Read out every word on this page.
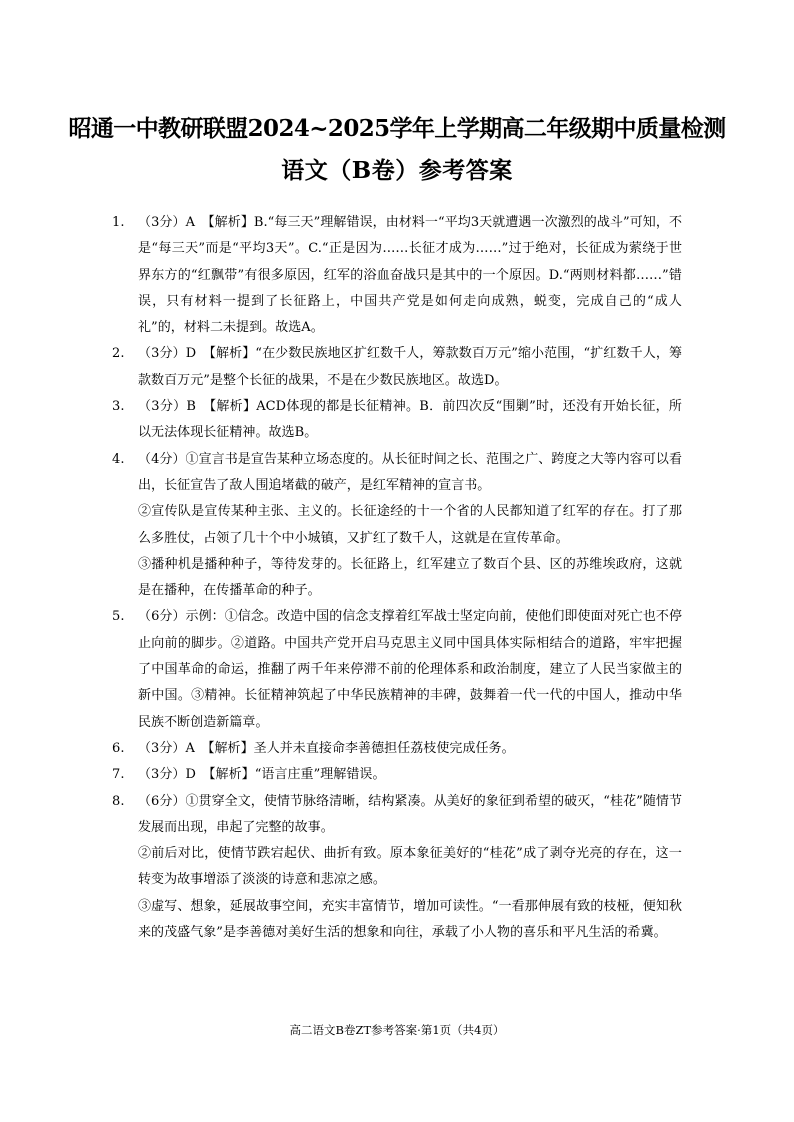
昭通一中教研联盟2024~2025学年上学期高二年级期中质量检测
语文（B卷）参考答案
1.	（3分）A　【解析】B.“每三天”理解错误，由材料一“平均3天就遭遇一次激烈的战斗”可知，不是“每三天”而是“平均3天”。C.“正是因为……长征才成为……”过于绝对，长征成为萦绕于世界东方的“红飘带”有很多原因，红军的浴血奋战只是其中的一个原因。D.“两则材料都……”错误，只有材料一提到了长征路上，中国共产党是如何走向成熟，蜕变，完成自己的“成人礼”的，材料二未提到。故选A。
2.	（3分）D　【解析】“在少数民族地区扩红数千人，筹款数百万元”缩小范围，“扩红数千人，筹款数百万元”是整个长征的战果，不是在少数民族地区。故选D。
3.	（3分）B　【解析】ACD体现的都是长征精神。B．前四次反“围剿”时，还没有开始长征，所以无法体现长征精神。故选B。
4.	（4分）①宣言书是宣告某种立场态度的。从长征时间之长、范围之广、跨度之大等内容可以看出，长征宣告了敌人围追堵截的破产，是红军精神的宣言书。
②宣传队是宣传某种主张、主义的。长征途经的十一个省的人民都知道了红军的存在。打了那么多胜仗，占领了几十个中小城镇，又扩红了数千人，这就是在宣传革命。
③播种机是播种种子，等待发芽的。长征路上，红军建立了数百个县、区的苏维埃政府，这就是在播种，在传播革命的种子。
5.	（6分）示例：①信念。改造中国的信念支撑着红军战士坚定向前，使他们即使面对死亡也不停止向前的脚步。②道路。中国共产党开启马克思主义同中国具体实际相结合的道路，牢牢把握了中国革命的命运，推翻了两千年来停滞不前的伦理体系和政治制度，建立了人民当家做主的新中国。③精神。长征精神筑起了中华民族精神的丰碑，鼓舞着一代一代的中国人，推动中华民族不断创造新篇章。
6.	（3分）A　【解析】圣人并未直接命李善德担任荔枝使完成任务。
7.	（3分）D　【解析】“语言庄重”理解错误。
8.	（6分）①贯穿全文，使情节脉络清晰，结构紧凑。从美好的象征到希望的破灭，“桂花”随情节发展而出现，串起了完整的故事。
②前后对比，使情节跌宕起伏、曲折有致。原本象征美好的“桂花”成了剥夺光亮的存在，这一转变为故事增添了淡淡的诗意和悲凉之感。
③虚写、想象，延展故事空间，充实丰富情节，增加可读性。“一看那伸展有致的枝桠，便知秋来的茂盛气象”是李善德对美好生活的想象和向往，承载了小人物的喜乐和平凡生活的希冀。
高二语文B卷ZT参考答案·第1页（共4页）
